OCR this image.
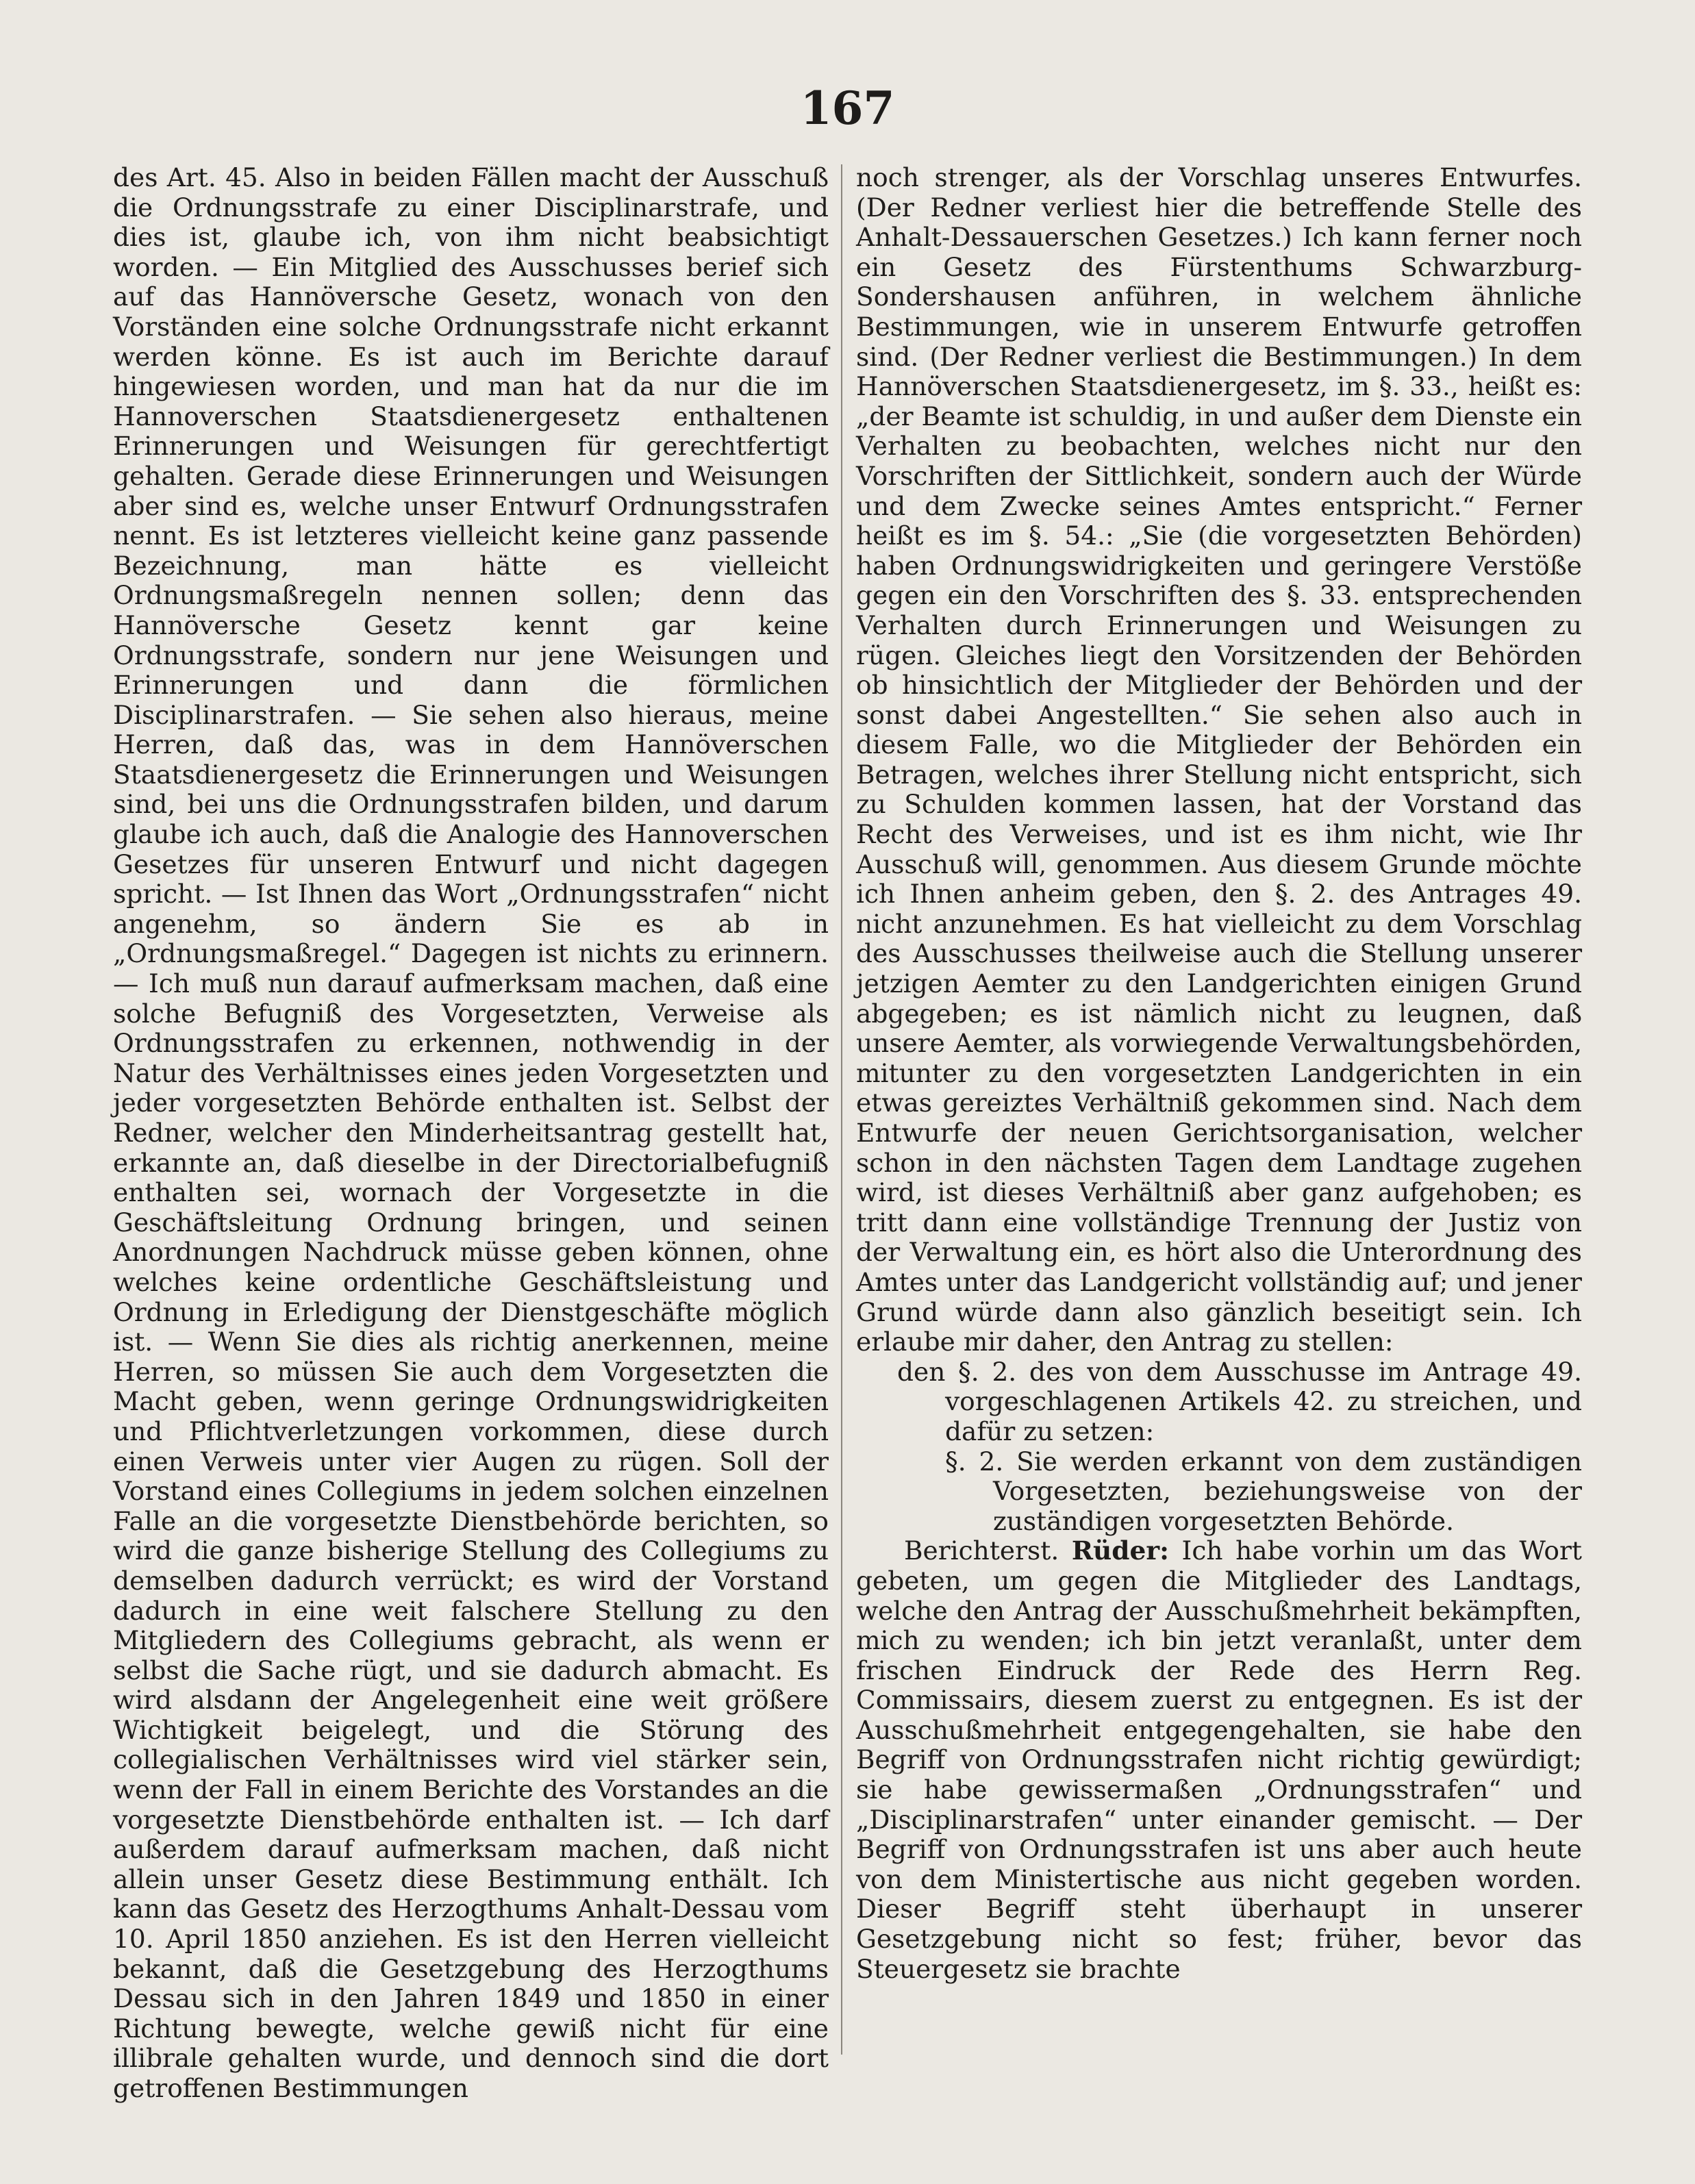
167

des Art. 45. Also in beiden Fällen macht der Ausschuß die Ordnungsstrafe zu einer Disciplinarstrafe, und dies ist, glaube ich, von ihm nicht beabsichtigt worden. — Ein Mitglied des Ausschusses berief sich auf das Hannöversche Gesetz, wonach von den Vorständen eine solche Ordnungsstrafe nicht erkannt werden könne. Es ist auch im Berichte darauf hingewiesen worden, und man hat da nur die im Hannoverschen Staatsdienergesetz enthaltenen Erinnerungen und Weisungen für gerechtfertigt gehalten. Gerade diese Erinnerungen und Weisungen aber sind es, welche unser Entwurf Ordnungsstrafen nennt. Es ist letzteres vielleicht keine ganz passende Bezeichnung, man hätte es vielleicht Ordnungsmaßregeln nennen sollen; denn das Hannöversche Gesetz kennt gar keine Ordnungsstrafe, sondern nur jene Weisungen und Erinnerungen und dann die förmlichen Disciplinarstrafen. — Sie sehen also hieraus, meine Herren, daß das, was in dem Hannöverschen Staatsdienergesetz die Erinnerungen und Weisungen sind, bei uns die Ordnungsstrafen bilden, und darum glaube ich auch, daß die Analogie des Hannoverschen Gesetzes für unseren Entwurf und nicht dagegen spricht. — Ist Ihnen das Wort „Ordnungsstrafen“ nicht angenehm, so ändern Sie es ab in „Ordnungsmaßregel.“ Dagegen ist nichts zu erinnern. — Ich muß nun darauf aufmerksam machen, daß eine solche Befugniß des Vorgesetzten, Verweise als Ordnungsstrafen zu erkennen, nothwendig in der Natur des Verhältnisses eines jeden Vorgesetzten und jeder vorgesetzten Behörde enthalten ist. Selbst der Redner, welcher den Minderheitsantrag gestellt hat, erkannte an, daß dieselbe in der Directorialbefugniß enthalten sei, wornach der Vorgesetzte in die Geschäftsleitung Ordnung bringen, und seinen Anordnungen Nachdruck müsse geben können, ohne welches keine ordentliche Geschäftsleistung und Ordnung in Erledigung der Dienstgeschäfte möglich ist. — Wenn Sie dies als richtig anerkennen, meine Herren, so müssen Sie auch dem Vorgesetzten die Macht geben, wenn geringe Ordnungswidrigkeiten und Pflichtverletzungen vorkommen, diese durch einen Verweis unter vier Augen zu rügen. Soll der Vorstand eines Collegiums in jedem solchen einzelnen Falle an die vorgesetzte Dienstbehörde berichten, so wird die ganze bisherige Stellung des Collegiums zu demselben dadurch verrückt; es wird der Vorstand dadurch in eine weit falschere Stellung zu den Mitgliedern des Collegiums gebracht, als wenn er selbst die Sache rügt, und sie dadurch abmacht. Es wird alsdann der Angelegenheit eine weit größere Wichtigkeit beigelegt, und die Störung des collegialischen Verhältnisses wird viel stärker sein, wenn der Fall in einem Berichte des Vorstandes an die vorgesetzte Dienstbehörde enthalten ist. — Ich darf außerdem darauf aufmerksam machen, daß nicht allein unser Gesetz diese Bestimmung enthält. Ich kann das Gesetz des Herzogthums Anhalt-Dessau vom 10. April 1850 anziehen. Es ist den Herren vielleicht bekannt, daß die Gesetzgebung des Herzogthums Dessau sich in den Jahren 1849 und 1850 in einer Richtung bewegte, welche gewiß nicht für eine illibrale gehalten wurde, und dennoch sind die dort getroffenen Bestimmungen

noch strenger, als der Vorschlag unseres Entwurfes. (Der Redner verliest hier die betreffende Stelle des Anhalt-Dessauerschen Gesetzes.) Ich kann ferner noch ein Gesetz des Fürstenthums Schwarzburg-Sondershausen anführen, in welchem ähnliche Bestimmungen, wie in unserem Entwurfe getroffen sind. (Der Redner verliest die Bestimmungen.) In dem Hannöverschen Staatsdienergesetz, im §. 33., heißt es: „der Beamte ist schuldig, in und außer dem Dienste ein Verhalten zu beobachten, welches nicht nur den Vorschriften der Sittlichkeit, sondern auch der Würde und dem Zwecke seines Amtes entspricht.“ Ferner heißt es im §. 54.: „Sie (die vorgesetzten Behörden) haben Ordnungswidrigkeiten und geringere Verstöße gegen ein den Vorschriften des §. 33. entsprechenden Verhalten durch Erinnerungen und Weisungen zu rügen. Gleiches liegt den Vorsitzenden der Behörden ob hinsichtlich der Mitglieder der Behörden und der sonst dabei Angestellten.“ Sie sehen also auch in diesem Falle, wo die Mitglieder der Behörden ein Betragen, welches ihrer Stellung nicht entspricht, sich zu Schulden kommen lassen, hat der Vorstand das Recht des Verweises, und ist es ihm nicht, wie Ihr Ausschuß will, genommen. Aus diesem Grunde möchte ich Ihnen anheim geben, den §. 2. des Antrages 49. nicht anzunehmen. Es hat vielleicht zu dem Vorschlag des Ausschusses theilweise auch die Stellung unserer jetzigen Aemter zu den Landgerichten einigen Grund abgegeben; es ist nämlich nicht zu leugnen, daß unsere Aemter, als vorwiegende Verwaltungsbehörden, mitunter zu den vorgesetzten Landgerichten in ein etwas gereiztes Verhältniß gekommen sind. Nach dem Entwurfe der neuen Gerichtsorganisation, welcher schon in den nächsten Tagen dem Landtage zugehen wird, ist dieses Verhältniß aber ganz aufgehoben; es tritt dann eine vollständige Trennung der Justiz von der Verwaltung ein, es hört also die Unterordnung des Amtes unter das Landgericht vollständig auf; und jener Grund würde dann also gänzlich beseitigt sein. Ich erlaube mir daher, den Antrag zu stellen:

den §. 2. des von dem Ausschusse im Antrage 49. vorgeschlagenen Artikels 42. zu streichen, und dafür zu setzen:

§. 2. Sie werden erkannt von dem zuständigen Vorgesetzten, beziehungsweise von der zuständigen vorgesetzten Behörde.

Berichterst. Rüder: Ich habe vorhin um das Wort gebeten, um gegen die Mitglieder des Landtags, welche den Antrag der Ausschußmehrheit bekämpften, mich zu wenden; ich bin jetzt veranlaßt, unter dem frischen Eindruck der Rede des Herrn Reg. Commissairs, diesem zuerst zu entgegnen. Es ist der Ausschußmehrheit entgegengehalten, sie habe den Begriff von Ordnungsstrafen nicht richtig gewürdigt; sie habe gewissermaßen „Ordnungsstrafen“ und „Disciplinarstrafen“ unter einander gemischt. — Der Begriff von Ordnungsstrafen ist uns aber auch heute von dem Ministertische aus nicht gegeben worden. Dieser Begriff steht überhaupt in unserer Gesetzgebung nicht so fest; früher, bevor das Steuergesetz sie brachte
